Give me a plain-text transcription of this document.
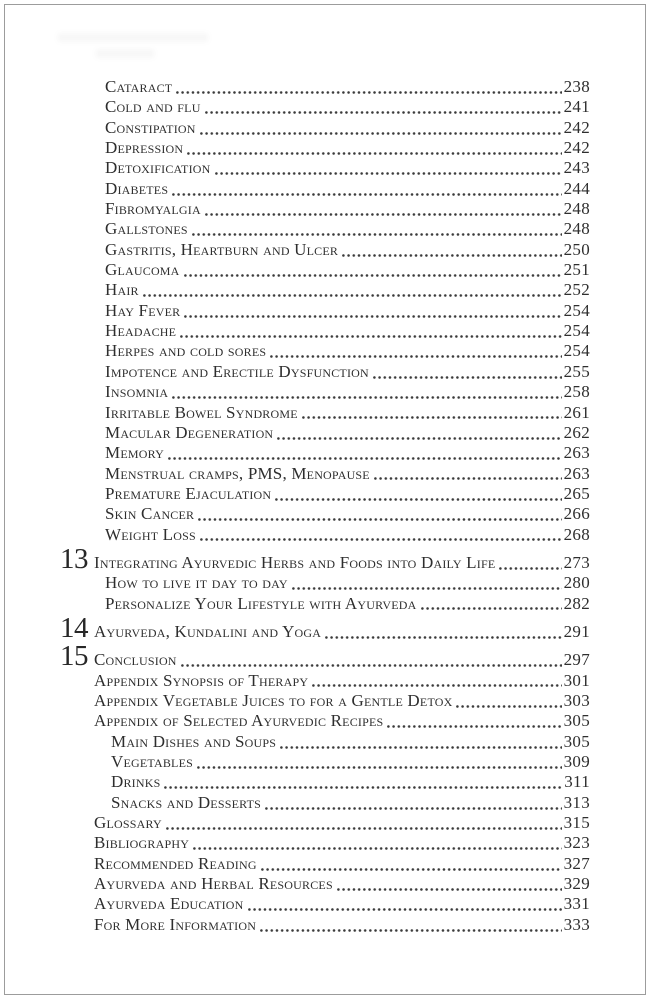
Cataract	238
Cold and flu	241
Constipation	242
Depression	242
Detoxification	243
Diabetes	244
Fibromyalgia	248
Gallstones	248
Gastritis, Heartburn and Ulcer	250
Glaucoma	251
Hair	252
Hay Fever	254
Headache	254
Herpes and cold sores	254
Impotence and Erectile Dysfunction	255
Insomnia	258
Irritable Bowel Syndrome	261
Macular Degeneration	262
Memory	263
Menstrual cramps, PMS, Menopause	263
Premature Ejaculation	265
Skin Cancer	266
Weight Loss	268
13 Integrating Ayurvedic Herbs and Foods into Daily Life	273
How to live it day to day	280
Personalize Your Lifestyle with Ayurveda	282
14 Ayurveda, Kundalini and Yoga	291
15 Conclusion	297
Appendix Synopsis of Therapy	301
Appendix Vegetable Juices to for a Gentle Detox	303
Appendix of Selected Ayurvedic Recipes	305
Main Dishes and Soups	305
Vegetables	309
Drinks	311
Snacks and Desserts	313
Glossary	315
Bibliography	323
Recommended Reading	327
Ayurveda and Herbal Resources	329
Ayurveda Education	331
For More Information	333
